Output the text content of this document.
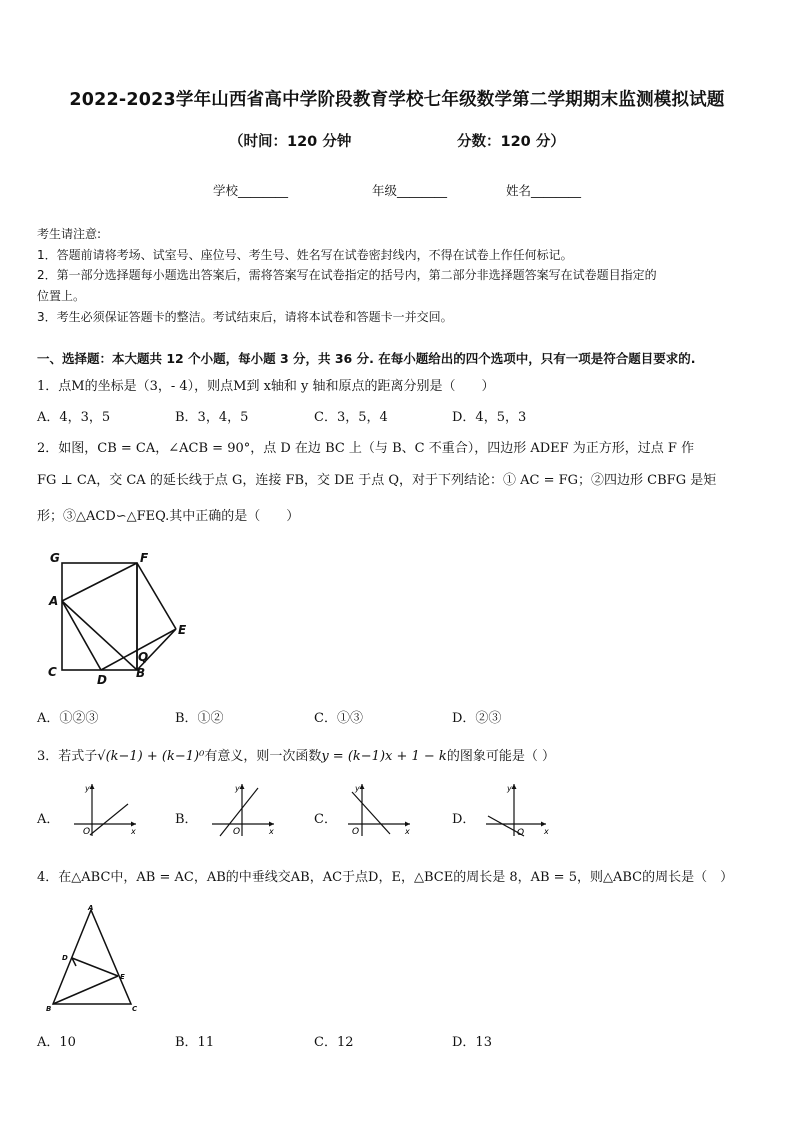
2022-2023学年山西省高中学阶段教育学校七年级数学第二学期期末监测模拟试题
（时间：120 分钟	分数：120 分）
学校________	年级________	姓名________
考生请注意:
1．答题前请将考场、试室号、座位号、考生号、姓名写在试卷密封线内，不得在试卷上作任何标记。
2．第一部分选择题每小题选出答案后，需将答案写在试卷指定的括号内，第二部分非选择题答案写在试卷题目指定的
位置上。
3．考生必须保证答题卡的整洁。考试结束后，请将本试卷和答题卡一并交回。
一、选择题：本大题共 12 个小题，每小题 3 分，共 36 分. 在每小题给出的四个选项中，只有一项是符合题目要求的.
1．点M的坐标是（3，- 4），则点M到 x轴和 y 轴和原点的距离分别是（　　）
A．4，3，5	B．3，4，5	C．3，5，4	D．4，5，3
2．如图，CB = CA，∠ACB = 90°，点 D 在边 BC 上（与 B、C 不重合），四边形 ADEF 为正方形，过点 F 作
FG ⊥ CA，交 CA 的延长线于点 G，连接 FB，交 DE 于点 Q，对于下列结论：① AC = FG；②四边形 CBFG 是矩
形；③△ACD∽△FEQ.其中正确的是（　　）
G	F
A
E
Q
C
D B
A．①②③	B．①②	C．①③	D．②③
3．若式子√(k−1) + (k−1)⁰有意义，则一次函数y = (k−1)x + 1 − k的图象可能是（ ）
A．	B．	C．	D．
y
x
O
y
x
O
y
x
O
y
x
O
4．在△ABC中，AB = AC，AB的中垂线交AB，AC于点D，E，△BCE的周长是 8，AB = 5，则△ABC的周长是（　）
A
B	C
D
E
A．10	B．11	C．12	D．13
